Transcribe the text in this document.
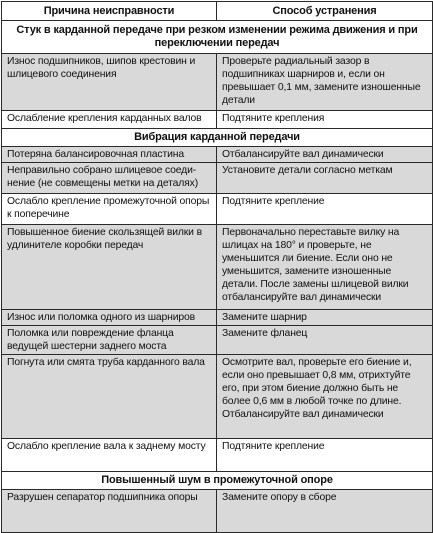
Причина неисправности	Способ устранения
Стук в карданной передаче при резком изменении режима движения и при переключении передач	
Износ подшипников, шипов крестовин и шлицевого соединения	Проверьте радиальный зазор в подшипниках шарниров и, если он превышает 0,1 мм, замените изношенные детали
Ослабление крепления карданных валов	Подтяните крепления
Вибрация карданной передачи	
Потеряна балансировочная пластина	Отбалансируйте вал динамически
Неправильно собрано шлицевое соеди-нение (не совмещены метки на деталях)	Установите детали согласно меткам
Ослабло крепление промежуточной опоры к поперечине	Подтяните крепление
Повышенное биение скользящей вилки в удлинителе коробки передач	Первоначально переставьте вилку на шлицах на 180° и проверьте, не уменьшится ли биение. Если оно не уменьшится, замените изношенные детали. После замены шлицевой вилки отбалансируйте вал динамически
Износ или поломка одного из шарниров	Замените шарнир
Поломка или повреждение фланца ведущей шестерни заднего моста	Замените фланец
Погнута или смята труба карданного вала	Осмотрите вал, проверьте его биение и, если оно превышает 0,8 мм, отрихтуйте его, при этом биение должно быть не более 0,6 мм в любой точке по длине. Отбалансируйте вал динамически
Ослабло крепление вала к заднему мосту	Подтяните крепление
Повышенный шум в промежуточной опоре	
Разрушен сепаратор подшипника опоры	Замените опору в сборе
